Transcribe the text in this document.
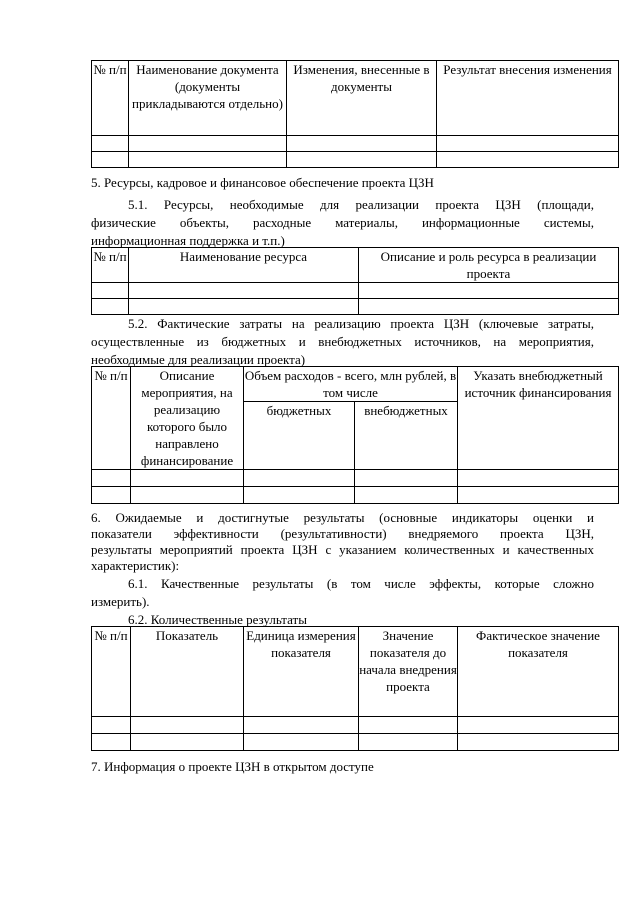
№ п/п	Наименование документа (документы прикладываются отдельно)	Изменения, внесенные в документы	Результат внесения изменения

5. Ресурсы, кадровое и финансовое обеспечение проекта ЦЗН

5.1. Ресурсы, необходимые для реализации проекта ЦЗН (площади,

физические объекты, расходные материалы, информационные системы,

информационная поддержка и т.п.)

№ п/п	Наименование ресурса	Описание и роль ресурса в реализации проекта

5.2. Фактические затраты на реализацию проекта ЦЗН (ключевые затраты,

осуществленные из бюджетных и внебюджетных источников, на мероприятия,

необходимые для реализации проекта)

№ п/п	Описание мероприятия, на реализацию которого было направлено финансирование	Объем расходов - всего, млн рублей, в том числе		Указать внебюджетный источник финансирования
		бюджетных	внебюджетных	

6. Ожидаемые и достигнутые результаты (основные индикаторы оценки и

показатели эффективности (результативности) внедряемого проекта ЦЗН,

результаты мероприятий проекта ЦЗН с указанием количественных и качественных

характеристик):

6.1. Качественные результаты (в том числе эффекты, которые сложно

измерить).

6.2. Количественные результаты

№ п/п	Показатель	Единица измерения показателя	Значение показателя до начала внедрения проекта	Фактическое значение показателя

7. Информация о проекте ЦЗН в открытом доступе
